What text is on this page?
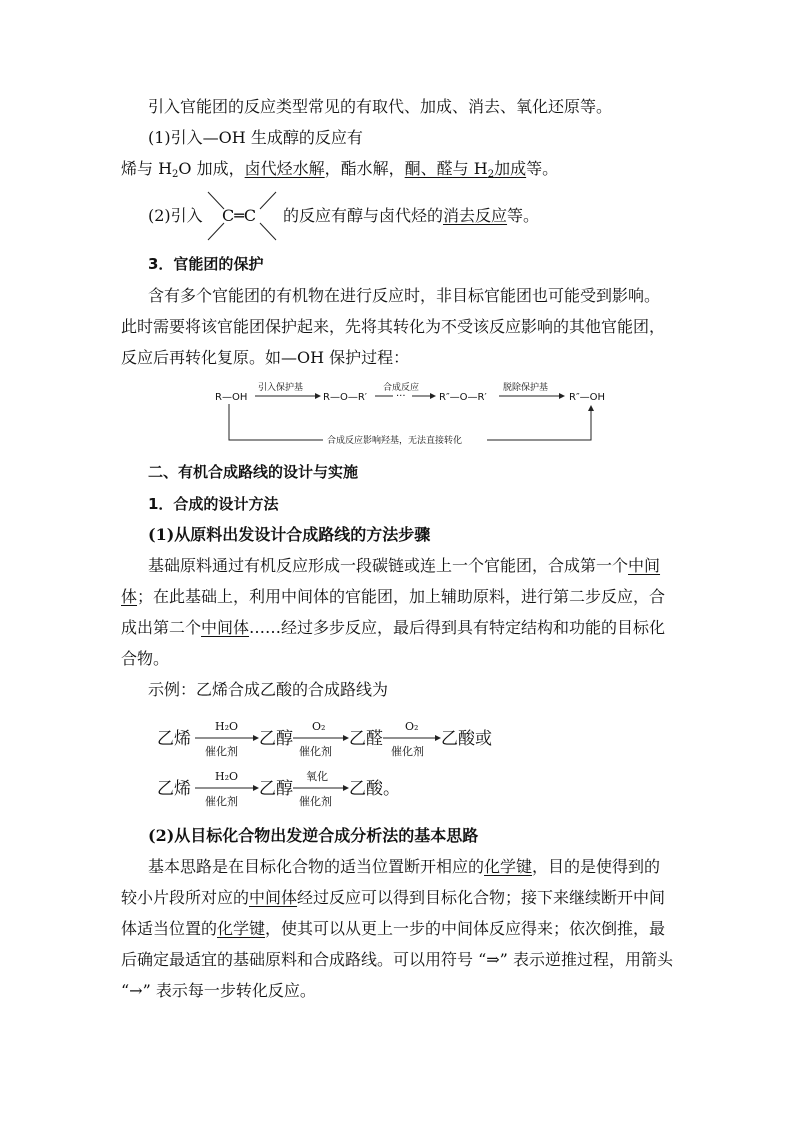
引入官能团的反应类型常见的有取代、加成、消去、氧化还原等。
(1)引入—OH 生成醇的反应有
烯与 $H_2O$ 加成，卤代烃水解，酯水解，酮、醛与 $H_2$加成等。
(2)引入 C═C 的反应有醇与卤代烃的消去反应等。
3．官能团的保护
含有多个官能团的有机物在进行反应时，非目标官能团也可能受到影响。
此时需要将该官能团保护起来，先将其转化为不受该反应影响的其他官能团，
反应后再转化复原。如—OH 保护过程：
R—OH
引入保护基
R—O—R′	···
合成反应
R″—O—R′
脱除保护基
R″—OH
合成反应影响羟基，无法直接转化
二、有机合成路线的设计与实施
1．合成的设计方法
(1)从原料出发设计合成路线的方法步骤
基础原料通过有机反应形成一段碳链或连上一个官能团，合成第一个中间
体；在此基础上，利用中间体的官能团，加上辅助原料，进行第二步反应，合
成出第二个中间体……经过多步反应，最后得到具有特定结构和功能的目标化
合物。
示例：乙烯合成乙酸的合成路线为
乙烯
H₂O
催化剂
乙醇
O₂
催化剂
乙醛
O₂
催化剂
乙酸或
乙烯
H₂O
催化剂
乙醇
氧化
催化剂
乙酸。
(2)从目标化合物出发逆合成分析法的基本思路
基本思路是在目标化合物的适当位置断开相应的化学键，目的是使得到的
较小片段所对应的中间体经过反应可以得到目标化合物；接下来继续断开中间
体适当位置的化学键，使其可以从更上一步的中间体反应得来；依次倒推，最
后确定最适宜的基础原料和合成路线。可以用符号 “⇒” 表示逆推过程，用箭头
“→” 表示每一步转化反应。
